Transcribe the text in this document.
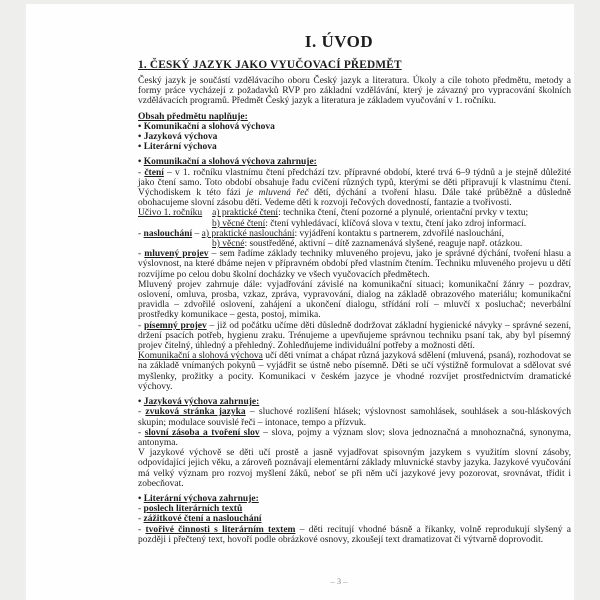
I. ÚVOD
1. ČESKÝ JAZYK JAKO VYUČOVACÍ PŘEDMĚT
Český jazyk je součástí vzdělávacího oboru Český jazyk a literatura. Úkoly a cíle tohoto předmětu, metody a formy práce vycházejí z požadavků RVP pro základní vzdělávání, který je závazný pro vypracování školních vzdělávacích programů. Předmět Český jazyk a literatura je základem vyučování v 1. ročníku.
Obsah předmětu naplňuje:
• Komunikační a slohová výchova
• Jazyková výchova
• Literární výchova
• Komunikační a slohová výchova zahrnuje:
- čtení – v 1. ročníku vlastnímu čtení předchází tzv. přípravné období, které trvá 6–9 týdnů a je stejně důležité jako čtení samo. Toto období obsahuje řadu cvičení různých typů, kterými se děti připravují k vlastnímu čtení. Východiskem k této fázi je mluvená řeč dětí, dýchání a tvoření hlasu. Dále také průběžně a důsledně obohacujeme slovní zásobu dětí. Vedeme děti k rozvoji řečových dovedností, fantazie a tvořivosti.
Učivo 1. ročníku a) praktické čtení: technika čtení, čtení pozorné a plynulé, orientační prvky v textu;
b) věcné čtení: čtení vyhledávací, klíčová slova v textu, čtení jako zdroj informací.
- naslouchání – a) praktické naslouchání: vyjádření kontaktu s partnerem, zdvořilé naslouchání,
b) věcné: soustředěné, aktivní – dítě zaznamenává slyšené, reaguje např. otázkou.
- mluvený projev – sem řadíme základy techniky mluveného projevu, jako je správné dýchání, tvoření hlasu a výslovnost, na které dbáme nejen v přípravném období před vlastním čtením. Techniku mluveného projevu u dětí rozvíjíme po celou dobu školní docházky ve všech vyučovacích předmětech.
Mluvený projev zahrnuje dále: vyjadřování závislé na komunikační situaci; komunikační žánry – pozdrav, oslovení, omluva, prosba, vzkaz, zpráva, vypravování, dialog na základě obrazového materiálu; komunikační pravidla – zdvořilé oslovení, zahájení a ukončení dialogu, střídání rolí – mluvčí x posluchač; neverbální prostředky komunikace – gesta, postoj, mimika.
- písemný projev – již od počátku učíme děti důsledně dodržovat základní hygienické návyky – správné sezení, držení psacích potřeb, hygienu zraku. Trénujeme a upevňujeme správnou techniku psaní tak, aby byl písemný projev čitelný, úhledný a přehledný. Zohledňujeme individuální potřeby a možnosti dětí.
Komunikační a slohová výchova učí děti vnímat a chápat různá jazyková sdělení (mluvená, psaná), rozhodovat se na základě vnímaných pokynů – vyjádřit se ústně nebo písemně. Děti se učí výstižně formulovat a sdělovat své myšlenky, prožitky a pocity. Komunikaci v českém jazyce je vhodné rozvíjet prostřednictvím dramatické výchovy.
• Jazyková výchova zahrnuje:
- zvuková stránka jazyka – sluchové rozlišení hlásek; výslovnost samohlásek, souhlásek a sou-hláskových skupin; modulace souvislé řeči – intonace, tempo a přízvuk.
- slovní zásoba a tvoření slov – slova, pojmy a význam slov; slova jednoznačná a mnohoznačná, synonyma, antonyma.
V jazykové výchově se děti učí prostě a jasně vyjadřovat spisovným jazykem s využitím slovní zásoby, odpovídající jejich věku, a zároveň poznávají elementární základy mluvnické stavby jazyka. Jazykové vyučování má velký význam pro rozvoj myšlení žáků, neboť se při něm učí jazykové jevy pozorovat, srovnávat, třídit i zobecňovat.
• Literární výchova zahrnuje:
- poslech literárních textů
- zážitkové čtení a naslouchání
- tvořivé činnosti s literárním textem – děti recitují vhodné básně a říkanky, volně reprodukují slyšený a později i přečtený text, hovoří podle obrázkové osnovy, zkoušejí text dramatizovat či výtvarně doprovodit.
– 3 –
